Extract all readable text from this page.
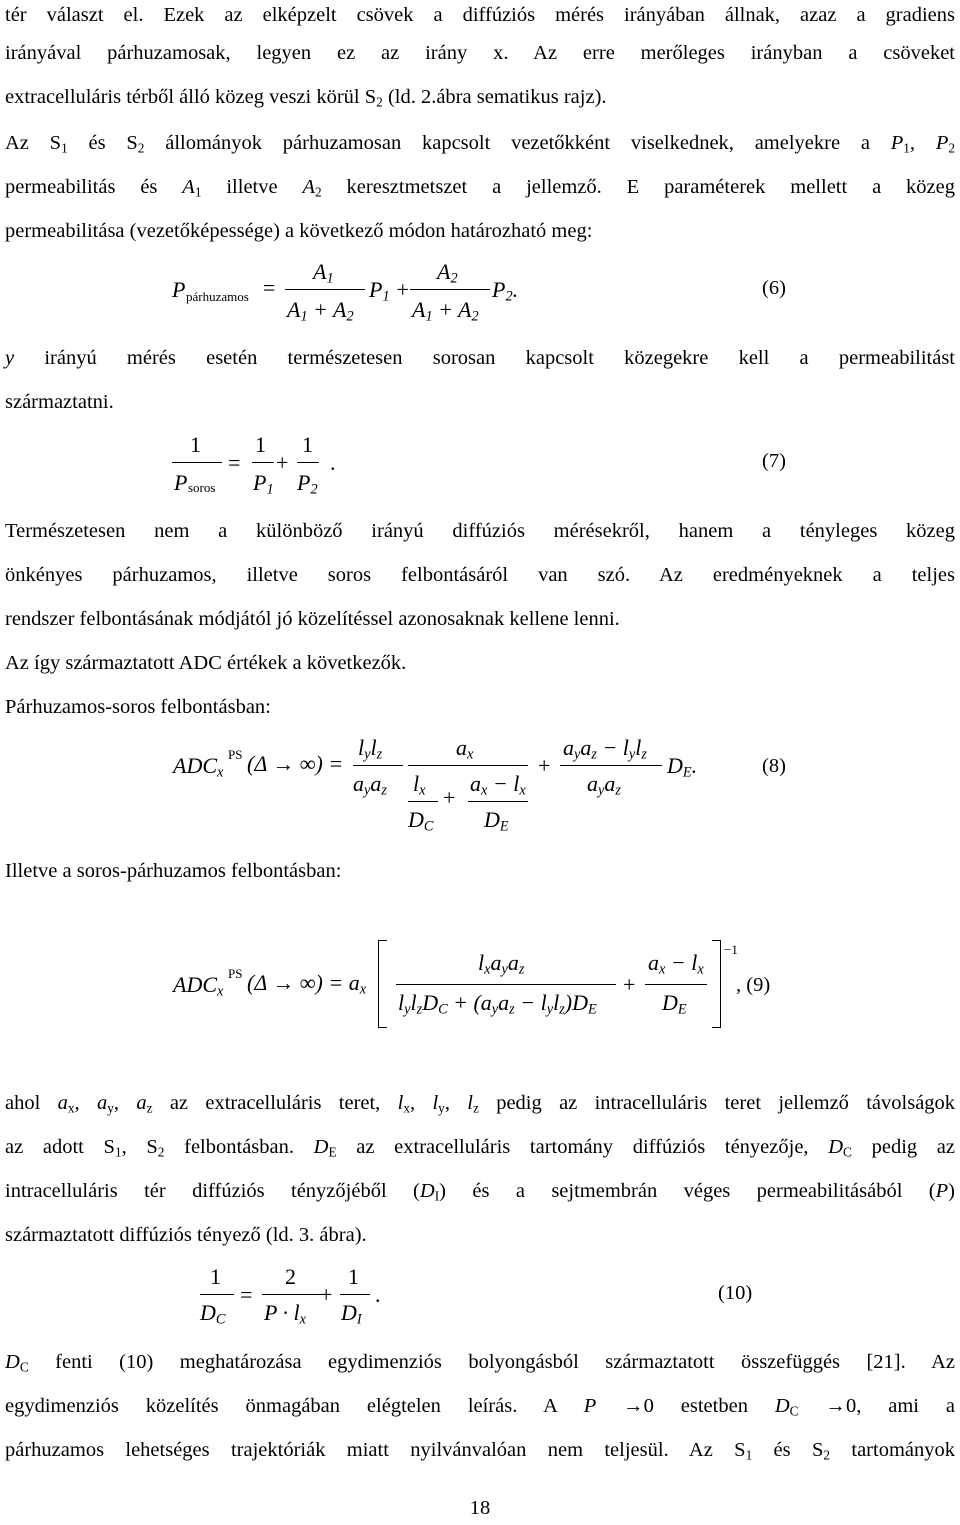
tér választ el. Ezek az elképzelt csövek a diffúziós mérés irányában állnak, azaz a gradiens
irányával párhuzamosak, legyen ez az irány x. Az erre merőleges irányban a csöveket
extracelluláris térből álló közeg veszi körül $S_2$ (ld. 2.ábra sematikus rajz).
Az $S_1$ és $S_2$ állományok párhuzamosan kapcsolt vezetőkként viselkednek, amelyekre a $P_1$, $P_2$
permeabilitás és $A_1$ illetve $A_2$ keresztmetszet a jellemző. E paraméterek mellett a közeg
permeabilitása (vezetőképessége) a következő módon határozható meg:
P párhuzamos =
$A_1$
$A_1 + A_2$
$P_1$ +
$A_2$
$A_1 + A_2$
$P_2$.	(6)
y irányú mérés esetén természetesen sorosan kapcsolt közegekre kell a permeabilitást
származtatni.
1
P soros
=
1
$P_1$
+
1
$P_2$
.	(7)
Természetesen nem a különböző irányú diffúziós mérésekről, hanem a tényleges közeg
önkényes párhuzamos, illetve soros felbontásáról van szó. Az eredményeknek a teljes
rendszer felbontásának módjától jó közelítéssel azonosaknak kellene lenni.
Az így származtatott ADC értékek a következők.
Párhuzamos-soros felbontásban:
$ADC_x$
PS (Δ → ∞) =
$l_yl_z$
$a_ya_z$
$a_x$
$l_x$
$D_C$
+
$a_x - l_x$
$D_E$
+
$a_ya_z - l_yl_z$
$a_ya_z$
$D_E$.	(8)
Illetve a soros-párhuzamos felbontásban:
$ADC_x$
PS (Δ → ∞) = $a_x$
$l_xa_ya_z$
$l_yl_zD_C + (a_ya_z - l_yl_z)D_E$
+
$a_x - l_x$
$D_E$
−1
, (9)
ahol $a_x$, $a_y$, $a_z$ az extracelluláris teret, $l_x$, $l_y$, $l_z$ pedig az intracelluláris teret jellemző távolságok
az adott $S_1$, $S_2$ felbontásban. $D_E$ az extracelluláris tartomány diffúziós tényezője, $D_C$ pedig az
intracelluláris tér diffúziós tényzőjéből $(D_I)$ és a sejtmembrán véges permeabilitásából (P)
származtatott diffúziós tényező (ld. 3. ábra).
1
$D_C$
=
2
$P \cdot l_x$
+
1
$D_I$
.	(10)
$D_C$ fenti (10) meghatározása egydimenziós bolyongásból származtatott összefüggés [21]. Az
egydimenziós közelítés önmagában elégtelen leírás. A P →0 estetben $D_C \to 0$, ami a
párhuzamos lehetséges trajektóriák miatt nyilvánvalóan nem teljesül. Az $S_1$ és $S_2$ tartományok
18
